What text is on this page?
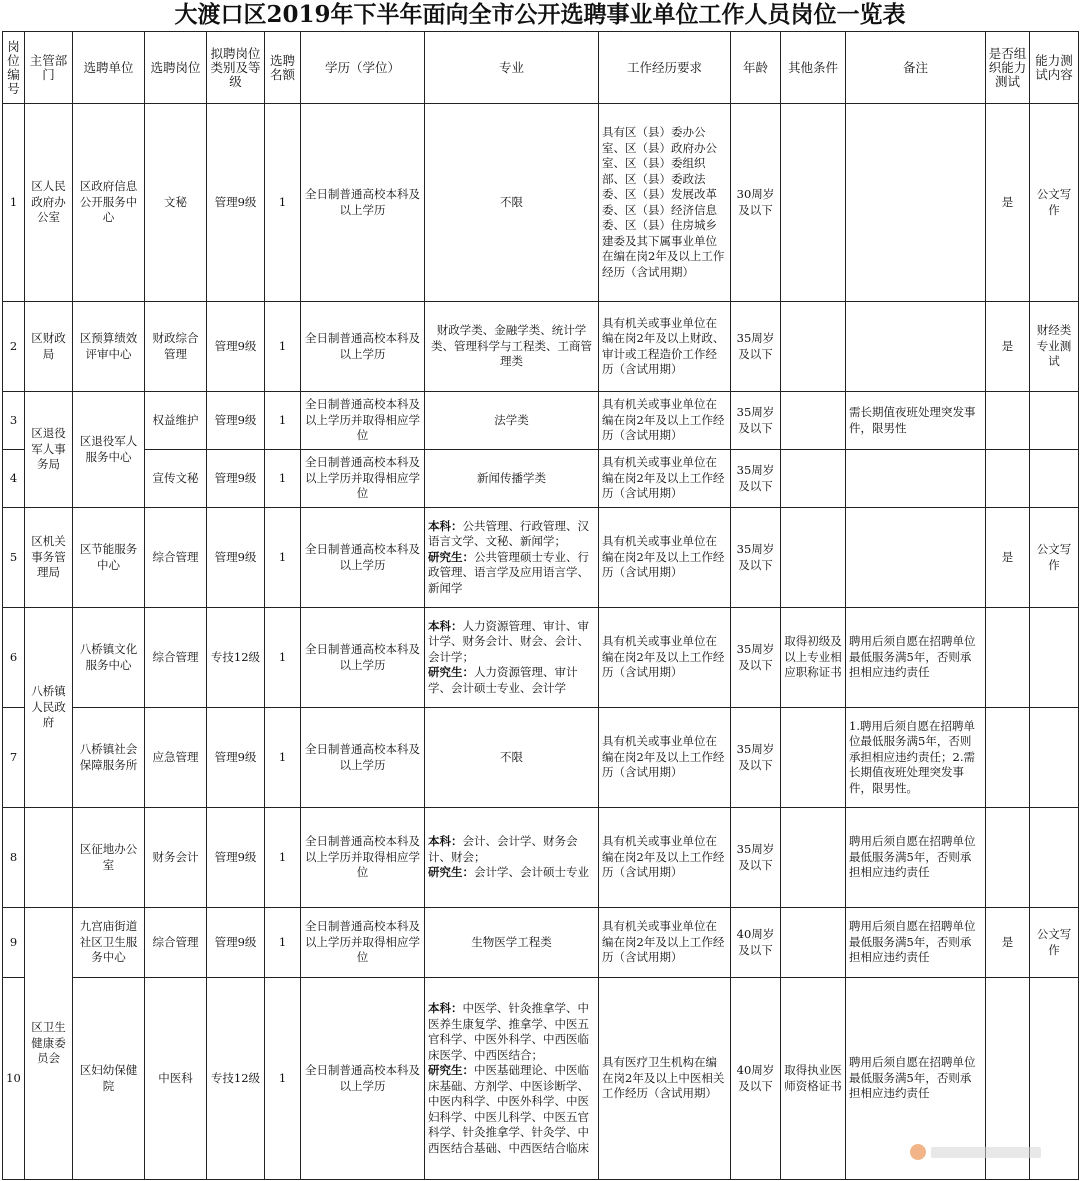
大渡口区2019年下半年面向全市公开选聘事业单位工作人员岗位一览表
岗位编号	主管部门	选聘单位	选聘岗位	拟聘岗位类别及等级	选聘名额	学历（学位）	专业	工作经历要求	年龄	其他条件	备注	是否组织能力测试	能力测试内容
1	区人民政府办公室	区政府信息公开服务中心	文秘	管理9级	1	全日制普通高校本科及以上学历	不限	具有区（县）委办公室、区（县）政府办公室、区（县）委组织部、区（县）委政法委、区（县）发展改革委、区（县）经济信息委、区（县）住房城乡建委及其下属事业单位在编在岗2年及以上工作经历（含试用期）	30周岁及以下			是	公文写作
2	区财政局	区预算绩效评审中心	财政综合管理	管理9级	1	全日制普通高校本科及以上学历	财政学类、金融学类、统计学类、管理科学与工程类、工商管理类	具有机关或事业单位在编在岗2年及以上财政、审计或工程造价工作经历（含试用期）	35周岁及以下			是	财经类专业测试
3	区退役军人事务局	区退役军人服务中心	权益维护	管理9级	1	全日制普通高校本科及以上学历并取得相应学位	法学类	具有机关或事业单位在编在岗2年及以上工作经历（含试用期）	35周岁及以下		需长期值夜班处理突发事件，限男性		
4			宣传文秘	管理9级	1	全日制普通高校本科及以上学历并取得相应学位	新闻传播学类	具有机关或事业单位在编在岗2年及以上工作经历（含试用期）	35周岁及以下				
5	区机关事务管理局	区节能服务中心	综合管理	管理9级	1	全日制普通高校本科及以上学历	本科：公共管理、行政管理、汉语言文学、文秘、新闻学；
研究生：公共管理硕士专业、行政管理、语言学及应用语言学、新闻学	具有机关或事业单位在编在岗2年及以上工作经历（含试用期）	35周岁及以下			是	公文写作
6	八桥镇人民政府	八桥镇文化服务中心	综合管理	专技12级	1	全日制普通高校本科及以上学历	本科：人力资源管理、审计、审计学、财务会计、财会、会计、会计学；
研究生：人力资源管理、审计学、会计硕士专业、会计学	具有机关或事业单位在编在岗2年及以上工作经历（含试用期）	35周岁及以下	取得初级及以上专业相应职称证书	聘用后须自愿在招聘单位最低服务满5年，否则承担相应违约责任		
7		八桥镇社会保障服务所	应急管理	管理9级	1	全日制普通高校本科及以上学历	不限	具有机关或事业单位在编在岗2年及以上工作经历（含试用期）	35周岁及以下		1.聘用后须自愿在招聘单位最低服务满5年，否则承担相应违约责任；2.需长期值夜班处理突发事件，限男性。		
8		区征地办公室	财务会计	管理9级	1	全日制普通高校本科及以上学历并取得相应学位	本科：会计、会计学、财务会计、财会；
研究生：会计学、会计硕士专业	具有机关或事业单位在编在岗2年及以上工作经历（含试用期）	35周岁及以下		聘用后须自愿在招聘单位最低服务满5年，否则承担相应违约责任		
9	区卫生健康委员会	九宫庙街道社区卫生服务中心	综合管理	管理9级	1	全日制普通高校本科及以上学历并取得相应学位	生物医学工程类	具有机关或事业单位在编在岗2年及以上工作经历（含试用期）	40周岁及以下		聘用后须自愿在招聘单位最低服务满5年，否则承担相应违约责任	是	公文写作
10		区妇幼保健院	中医科	专技12级	1	全日制普通高校本科及以上学历	本科：中医学、针灸推拿学、中医养生康复学、推拿学、中医五官科学、中医外科学、中西医临床医学、中西医结合；
研究生：中医基础理论、中医临床基础、方剂学、中医诊断学、中医内科学、中医外科学、中医妇科学、中医儿科学、中医五官科学、针灸推拿学、针灸学、中西医结合基础、中西医结合临床	具有医疗卫生机构在编在岗2年及以上中医相关工作经历（含试用期）	40周岁及以下	取得执业医师资格证书	聘用后须自愿在招聘单位最低服务满5年，否则承担相应违约责任		
